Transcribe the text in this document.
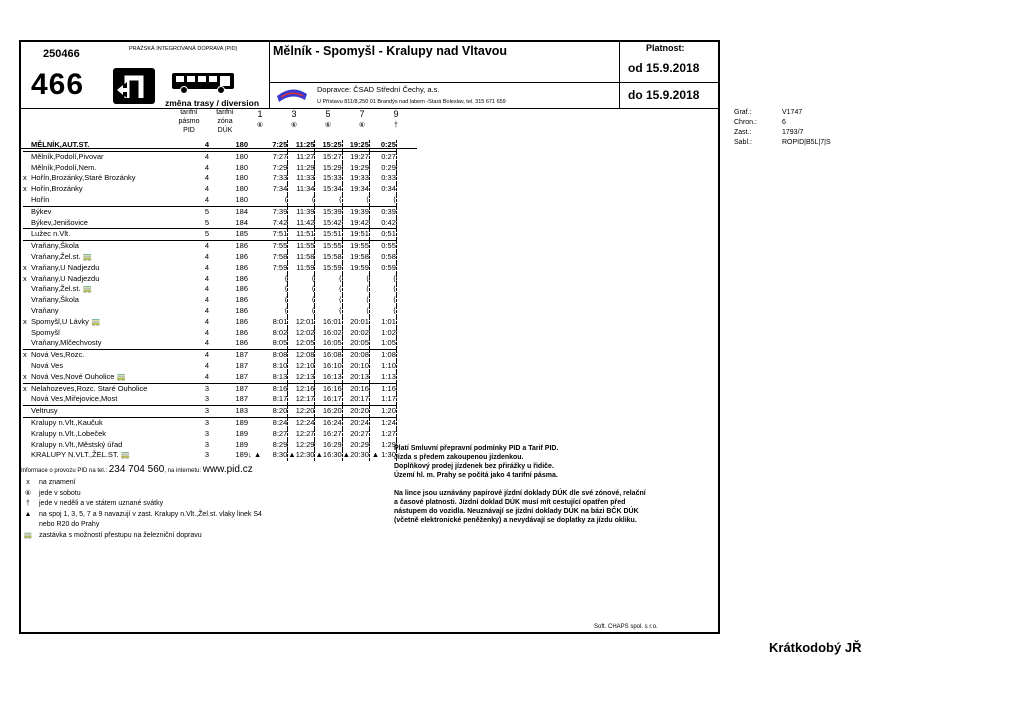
250466
466
PRAŽSKÁ INTEGROVANÁ DOPRAVA (PID)
změna trasy / diversion
Mělník - Spomyšl - Kralupy nad Vltavou
Dopravce: ČSAD Střední Čechy, a.s.
U Přístavu 811/8,250 01 Brandýs nad labem -Stará Boleslav, tel. 315 671 659
Platnost:
od 15.9.2018
do 15.9.2018
tarifní
pásmo
PID
tarifní
zóna
DÚK
1
⑥
3
⑥
5
⑥
7
⑥
9
†
	MĚLNÍK,AUT.ST.	4	180		7:25	11:25	15:25	19:25	0:25
	Mělník,Podolí,Pivovar	4	180		7:27	11:27	15:27	19:27	0:27
	Mělník,Podolí,Nem.	4	180		7:29	11:29	15:29	19:29	0:29
x	Hořín,Brozánky,Staré Brozánky	4	180		7:33	11:33	15:33	19:33	0:33
x	Hořín,Brozánky	4	180		7:34	11:34	15:34	19:34	0:34
	Hořín	4	180		⟨	⟨	⟨	⟨	⟨
	Býkev	5	184		7:39	11:39	15:39	19:39	0:39
	Býkev,Jenišovice	5	184		7:42	11:42	15:42	19:42	0:42
	Lužec n.Vlt.	5	185		7:51	11:51	15:51	19:51	0:51
	Vraňany,Škola	4	186		7:55	11:55	15:55	19:55	0:55
	Vraňany,Žel.st. 🚃	4	186		7:58	11:58	15:58	19:58	0:58
x	Vraňany,U Nadjezdu	4	186		7:59	11:59	15:59	19:59	0:59
x	Vraňany,U Nadjezdu	4	186		⟨	⟨	⟨	⟨	⟨
	Vraňany,Žel.st. 🚃	4	186		⟨	⟨	⟨	⟨	⟨
	Vraňany,Škola	4	186		⟨	⟨	⟨	⟨	⟨
	Vraňany	4	186		⟨	⟨	⟨	⟨	⟨
x	Spomyšl,U Lávky 🚃	4	186		8:01	12:01	16:01	20:01	1:01
	Spomyšl	4	186		8:02	12:02	16:02	20:02	1:02
	Vraňany,Mlčechvosty	4	186		8:05	12:05	16:05	20:05	1:05
x	Nová Ves,Rozc.	4	187		8:08	12:08	16:08	20:08	1:08
	Nová Ves	4	187		8:10	12:10	16:10	20:10	1:10
x	Nová Ves,Nové Ouholice 🚃	4	187		8:13	12:13	16:13	20:13	1:13
x	Nelahozeves,Rozc. Staré Ouholice	3	187		8:16	12:16	16:16	20:16	1:16
	Nová Ves,Miřejovice,Most	3	187		8:17	12:17	16:17	20:17	1:17
	Veltrusy	3	183		8:20	12:20	16:20	20:20	1:20
	Kralupy n.Vlt.,Kaučuk	3	189		8:24	12:24	16:24	20:24	1:24
	Kralupy n.Vlt.,Lobeček	3	189		8:27	12:27	16:27	20:27	1:27
	Kralupy n.Vlt.,Městský úřad	3	189		8:29	12:29	16:29	20:29	1:29
	KRALUPY N.VLT.,ŽEL.ST. 🚃	3	189	↓ ▲	8:30	▲12:30	▲16:30	▲20:30	▲ 1:30
Informace o provozu PID na tel.: 234 704 560, na internetu: www.pid.cz
x	na znamení
⑥ jede v sobotu
†	jede v neděli a ve státem uznané svátky
▲ na spoj 1, 3, 5, 7 a 9 navazují v zast. Kralupy n.Vlt.,Žel.st. vlaky linek S4
nebo R20 do Prahy
🚃 zastávka s možností přestupu na železniční dopravu
Platí Smluvní přepravní podmínky PID a Tarif PID.
Jízda s předem zakoupenou jízdenkou.
Doplňkový prodej jízdenek bez přirážky u řidiče.
Území hl. m. Prahy se počítá jako 4 tarifní pásma.
Na lince jsou uznávány papírové jízdní doklady DÚK dle své zónové, relační
a časové platnosti. Jízdní doklad DÚK musí mít cestující opatřen před
nástupem do vozidla. Neuznávají se jízdní doklady DÚK na bázi BČK DÚK
(včetně elektronické peněženky) a nevydávají se doplatky za jízdu okliku.
Soft. CHAPS spol. s r.o.
Graf.:	V1747
Chron.:	6
Zast.:	1793/7
Sabl.:	ROPID|B5L|7|S
Krátkodobý JŘ
